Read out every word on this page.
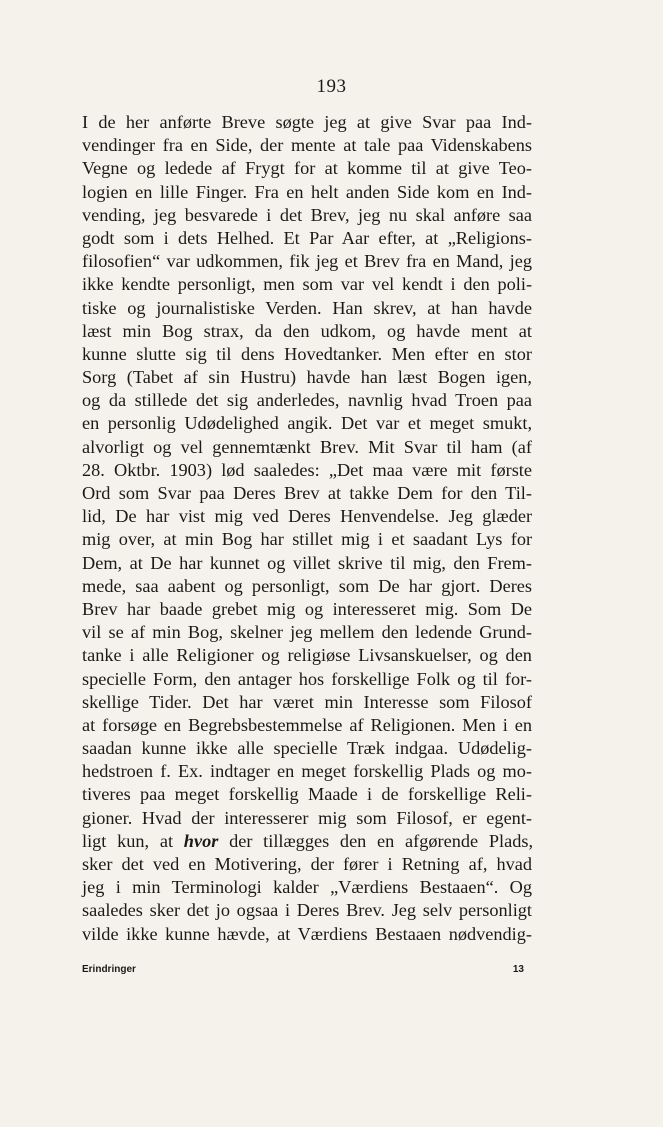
193
I de her anførte Breve søgte jeg at give Svar paa Ind-
vendinger fra en Side, der mente at tale paa Videnskabens
Vegne og ledede af Frygt for at komme til at give Teo-
logien en lille Finger. Fra en helt anden Side kom en Ind-
vending, jeg besvarede i det Brev, jeg nu skal anføre saa
godt som i dets Helhed. Et Par Aar efter, at „Religions-
filosofien“ var udkommen, fik jeg et Brev fra en Mand, jeg
ikke kendte personligt, men som var vel kendt i den poli-
tiske og journalistiske Verden. Han skrev, at han havde
læst min Bog strax, da den udkom, og havde ment at
kunne slutte sig til dens Hovedtanker. Men efter en stor
Sorg (Tabet af sin Hustru) havde han læst Bogen igen,
og da stillede det sig anderledes, navnlig hvad Troen paa
en personlig Udødelighed angik. Det var et meget smukt,
alvorligt og vel gennemtænkt Brev. Mit Svar til ham (af
28. Oktbr. 1903) lød saaledes: „Det maa være mit første
Ord som Svar paa Deres Brev at takke Dem for den Til-
lid, De har vist mig ved Deres Henvendelse. Jeg glæder
mig over, at min Bog har stillet mig i et saadant Lys for
Dem, at De har kunnet og villet skrive til mig, den Frem-
mede, saa aabent og personligt, som De har gjort. Deres
Brev har baade grebet mig og interesseret mig. Som De
vil se af min Bog, skelner jeg mellem den ledende Grund-
tanke i alle Religioner og religiøse Livsanskuelser, og den
specielle Form, den antager hos forskellige Folk og til for-
skellige Tider. Det har været min Interesse som Filosof
at forsøge en Begrebsbestemmelse af Religionen. Men i en
saadan kunne ikke alle specielle Træk indgaa. Udødelig-
hedstroen f. Ex. indtager en meget forskellig Plads og mo-
tiveres paa meget forskellig Maade i de forskellige Reli-
gioner. Hvad der interesserer mig som Filosof, er egent-
ligt kun, at hvor der tillægges den en afgørende Plads,
sker det ved en Motivering, der fører i Retning af, hvad
jeg i min Terminologi kalder „Værdiens Bestaaen“. Og
saaledes sker det jo ogsaa i Deres Brev. Jeg selv personligt
vilde ikke kunne hævde, at Værdiens Bestaaen nødvendig-
Erindringer	13
